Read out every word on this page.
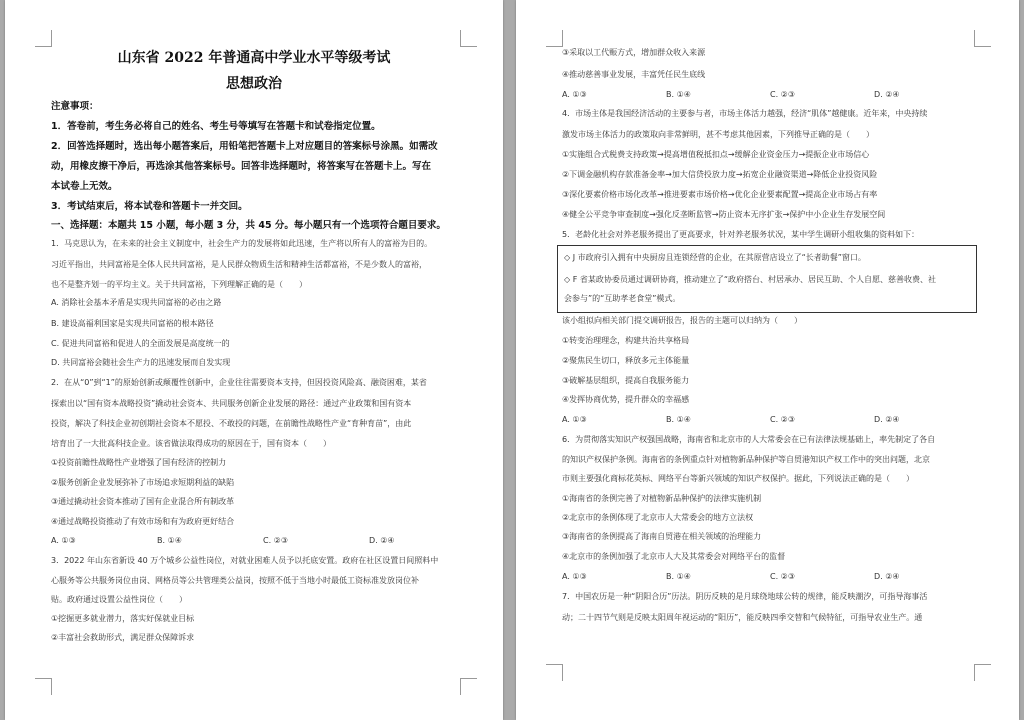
山东省 2022 年普通高中学业水平等级考试
思想政治
注意事项：
1．答卷前，考生务必将自己的姓名、考生号等填写在答题卡和试卷指定位置。
2．回答选择题时，选出每小题答案后，用铅笔把答题卡上对应题目的答案标号涂黑。如需改
动，用橡皮擦干净后，再选涂其他答案标号。回答非选择题时，将答案写在答题卡上。写在
本试卷上无效。
3．考试结束后，将本试卷和答题卡一并交回。
一、选择题：本题共 15 小题，每小题 3 分，共 45 分。每小题只有一个选项符合题目要求。
1．马克思认为，在未来的社会主义制度中，社会生产力的发展将如此迅速，生产将以所有人的富裕为目的。
习近平指出，共同富裕是全体人民共同富裕，是人民群众物质生活和精神生活都富裕，不是少数人的富裕，
也不是整齐划一的平均主义。关于共同富裕，下列理解正确的是（　　）
A. 消除社会基本矛盾是实现共同富裕的必由之路
B. 建设高福利国家是实现共同富裕的根本路径
C. 促进共同富裕和促进人的全面发展是高度统一的
D. 共同富裕会随社会生产力的迅速发展而自发实现
2．在从“0”到“1”的原始创新或颠覆性创新中，企业往往需要资本支持，但因投资风险高、融资困难，某省
探索出以“国有资本战略投资”撬动社会资本、共同服务创新企业发展的路径：通过产业政策和国有资本
投资，解决了科技企业初创期社会资本不愿投、不敢投的问题，在前瞻性战略性产业“育种育苗”，由此
培育出了一大批高科技企业。该省做法取得成功的原因在于，国有资本（　　）
①投资前瞻性战略性产业增强了国有经济的控制力
②服务创新企业发展弥补了市场追求短期利益的缺陷
③通过撬动社会资本推动了国有企业混合所有制改革
④通过战略投资推动了有效市场和有为政府更好结合
A. ①③	B. ①④	C. ②③	D. ②④
3．2022 年山东省新设 40 万个城乡公益性岗位，对就业困难人员予以托底安置。政府在社区设置日间照料中
心服务等公共服务岗位由岗、网格员等公共管理类公益岗，按照不低于当地小时最低工资标准发放岗位补
贴。政府通过设置公益性岗位（　　）
①挖掘更多就业潜力，落实好保就业目标
②丰富社会救助形式，满足群众保障诉求
③采取以工代赈方式，增加群众收入来源
④推动慈善事业发展，丰富凭任民生底线
A. ①③	B. ①④	C. ②③	D. ②④
4．市场主体是我国经济活动的主要参与者，市场主体活力越强，经济“肌体”越健康。近年来，中央持续
激发市场主体活力的政策取向非常鲜明，甚不考虑其他因素，下列推导正确的是（　　）
①实施组合式税费支持政策→提高增值税抵扣点→缓解企业资金压力→提振企业市场信心
②下调金融机构存款准备金率→加大信贷投放力度→拓宽企业融资渠道→降低企业投资风险
③深化要素价格市场化改革→推进要素市场价格→优化企业要素配置→提高企业市场占有率
④健全公平竞争审查制度→强化反垄断监管→防止资本无序扩张→保护中小企业生存发展空间
5．老龄化社会对养老服务提出了更高要求，针对养老服务状况，某中学生调研小组收集的资料如下：
◇ J 市政府引入拥有中央厨房且连锁经营的企业，在其原营店设立了“长者助餐”窗口。
◇ F 省某政协委员通过调研协商，推动建立了“政府搭台、村居承办、居民互助、个人自愿、慈善收费、社
会参与”的“互助孝老食堂”模式。
该小组拟向相关部门提交调研报告，报告的主题可以归纳为（　　）
①转变治理理念，构建共治共享格局
②聚焦民生切口，释放多元主体能量
③破解基层组织，提高自我服务能力
④发挥协商优势，提升群众的幸福感
A. ①③	B. ①④	C. ②③	D. ②④
6．为贯彻落实知识产权强国战略，海南省和北京市的人大常委会在已有法律法规基础上，率先制定了各自
的知识产权保护条例。海南省的条例重点针对植物新品种保护等自贸港知识产权工作中的突出问题，北京
市则主要强化商标花英标、网络平台等新兴领域的知识产权保护。据此，下列说法正确的是（　　）
①海南省的条例完善了对植物新品种保护的法律实施机制
②北京市的条例体现了北京市人大常委会的地方立法权
③海南省的条例提高了海南自贸港在相关领域的治理能力
④北京市的条例加强了北京市人大及其常委会对网络平台的监督
A. ①③	B. ①④	C. ②③	D. ②④
7．中国农历是一种“阴阳合历”历法。阴历反映的是月球绕地球公转的规律，能反映潮汐，可指导海事活
动；二十四节气则是反映太阳周年视运动的“阳历”，能反映四季交替和气候特征，可指导农业生产。通
